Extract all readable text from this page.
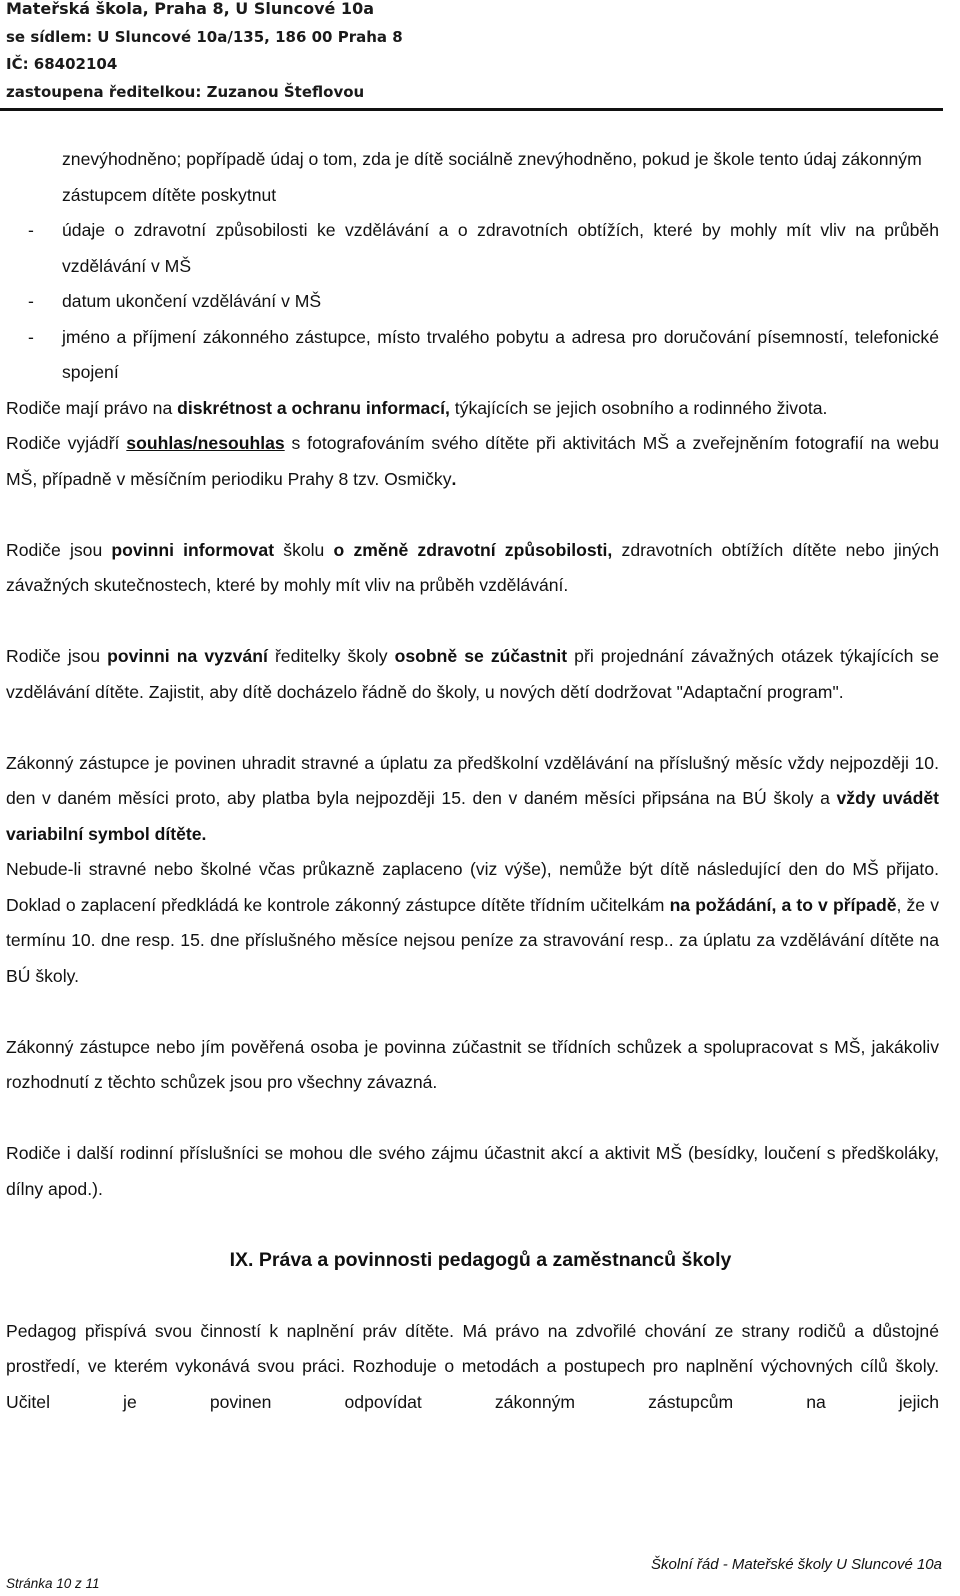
Mateřská škola, Praha 8, U Sluncové 10a
se sídlem: U Sluncové 10a/135, 186 00 Praha 8
IČ: 68402104
zastoupena ředitelkou: Zuzanou Šteflovou
znevýhodněno; popřípadě údaj o tom, zda je dítě sociálně znevýhodněno, pokud je škole tento údaj zákonným zástupcem dítěte poskytnut
- údaje o zdravotní způsobilosti ke vzdělávání a o zdravotních obtížích, které by mohly mít vliv na průběh vzdělávání v MŠ
- datum ukončení vzdělávání v MŠ
- jméno a příjmení zákonného zástupce, místo trvalého pobytu a adresa pro doručování písemností, telefonické spojení

Rodiče mají právo na diskrétnost a ochranu informací, týkajících se jejich osobního a rodinného života.

Rodiče vyjádří souhlas/nesouhlas s fotografováním svého dítěte při aktivitách MŠ a zveřejněním fotografií na webu MŠ, případně v měsíčním periodiku Prahy 8 tzv. Osmičky.

Rodiče jsou povinni informovat školu o změně zdravotní způsobilosti, zdravotních obtížích dítěte nebo jiných závažných skutečnostech, které by mohly mít vliv na průběh vzdělávání.

Rodiče jsou povinni na vyzvání ředitelky školy osobně se zúčastnit při projednání závažných otázek týkajících se vzdělávání dítěte. Zajistit, aby dítě docházelo řádně do školy, u nových dětí dodržovat "Adaptační program".

Zákonný zástupce je povinen uhradit stravné a úplatu za předškolní vzdělávání na příslušný měsíc vždy nejpozději 10. den v daném měsíci proto, aby platba byla nejpozději 15. den v daném měsíci připsána na BÚ školy a vždy uvádět variabilní symbol dítěte.

Nebude-li stravné nebo školné včas průkazně zaplaceno (viz výše), nemůže být dítě následující den do MŠ přijato. Doklad o zaplacení předkládá ke kontrole zákonný zástupce dítěte třídním učitelkám na požádání, a to v případě, že v termínu 10. dne resp. 15. dne příslušného měsíce nejsou peníze za stravování resp.. za úplatu za vzdělávání dítěte na BÚ školy.

Zákonný zástupce nebo jím pověřená osoba je povinna zúčastnit se třídních schůzek a spolupracovat s MŠ, jakákoliv rozhodnutí z těchto schůzek jsou pro všechny závazná.

Rodiče i další rodinní příslušníci se mohou dle svého zájmu účastnit akcí a aktivit MŠ (besídky, loučení s předškoláky, dílny apod.).

IX. Práva a povinnosti pedagogů a zaměstnanců školy

Pedagog přispívá svou činností k naplnění práv dítěte. Má právo na zdvořilé chování ze strany rodičů a důstojné prostředí, ve kterém vykonává svou práci. Rozhoduje o metodách a postupech pro naplnění výchovných cílů školy. Učitel je povinen odpovídat zákonným zástupcům na jejich

Školní řád - Mateřské školy U Sluncové 10a
Stránka 10 z 11
